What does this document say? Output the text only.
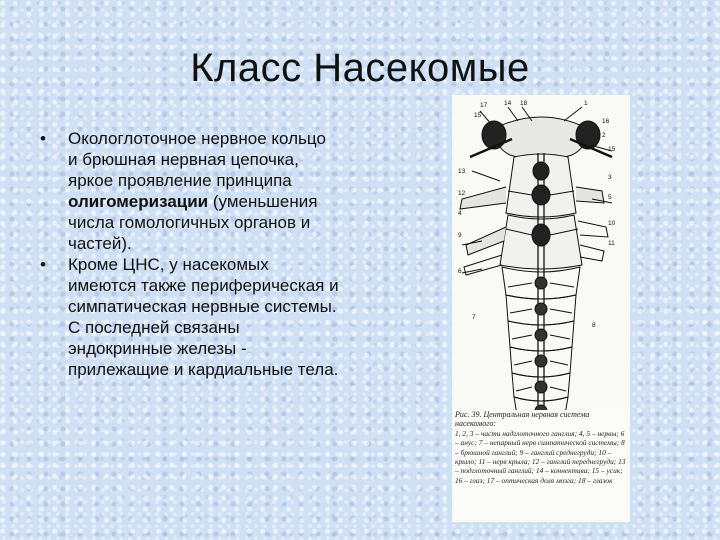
Класс Насекомые
• Окологлоточное нервное кольцо и брюшная нервная цепочка, яркое проявление принципа олигомеризации (уменьшения числа гомологичных органов и частей).
• Кроме ЦНС, у насекомых имеются также периферическая и симпатическая нервные системы. С последней связаны эндокринные железы - прилежащие и кардиальные тела.
17	14 18	1
15
16
2
15
13
3
12
4
10
11
5
9
6
7
8
Рис. 39. Центральная нервная система насекомого:
1, 2, 3 – части надглоточного ганглия; 4, 5 – нервы; 6 – анус; 7 – непарный нерв симпатической системы; 8 – брюшной ганглий; 9 – ганглий среднегруди; 10 – крыло; 11 – нерв крыла; 12 – ганглий переднегруди; 13 – подглоточный ганглий; 14 – коннектива; 15 – усик; 16 – глаз; 17 – оптическая доля мозга; 18 – глазок
